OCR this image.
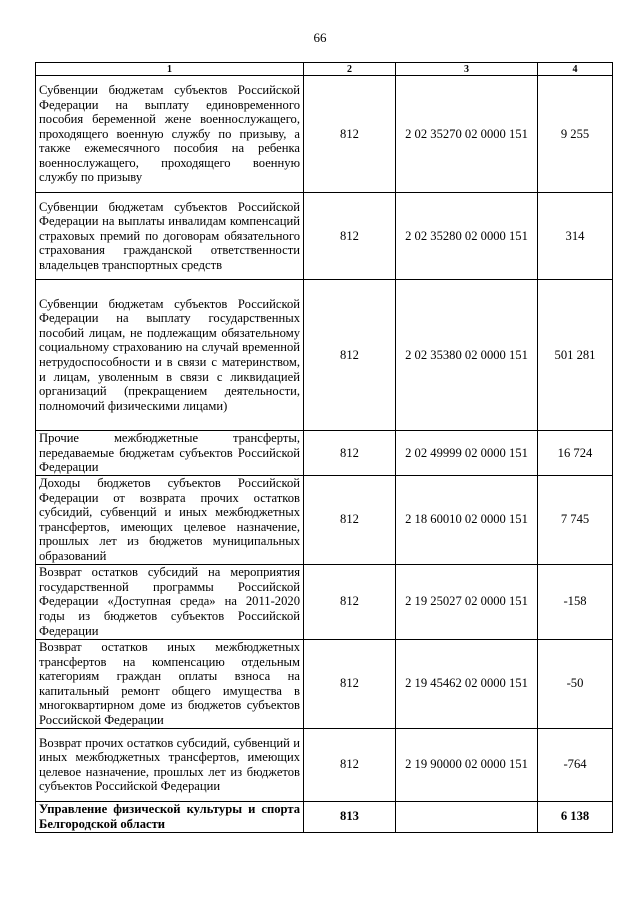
66
1	2	3	4
Субвенции бюджетам субъектов Российской Федерации на выплату единовременного пособия беременной жене военнослужащего, проходящего военную службу по призыву, а также ежемесячного пособия на ребенка военнослужащего, проходящего военную службу по призыву	812	2 02 35270 02 0000 151	9 255
Субвенции бюджетам субъектов Российской Федерации на выплаты инвалидам компенсаций страховых премий по договорам обязательного страхования гражданской ответственности владельцев транспортных средств	812	2 02 35280 02 0000 151	314
Субвенции бюджетам субъектов Российской Федерации на выплату государственных пособий лицам, не подлежащим обязательному социальному страхованию на случай временной нетрудоспособности и в связи с материнством, и лицам, уволенным в связи с ликвидацией организаций (прекращением деятельности, полномочий физическими лицами)	812	2 02 35380 02 0000 151	501 281
Прочие межбюджетные трансферты, передаваемые бюджетам субъектов Российской Федерации	812	2 02 49999 02 0000 151	16 724
Доходы бюджетов субъектов Российской Федерации от возврата прочих остатков субсидий, субвенций и иных межбюджетных трансфертов, имеющих целевое назначение, прошлых лет из бюджетов муниципальных образований	812	2 18 60010 02 0000 151	7 745
Возврат остатков субсидий на мероприятия государственной программы Российской Федерации «Доступная среда» на 2011-2020 годы из бюджетов субъектов Российской Федерации	812	2 19 25027 02 0000 151	-158
Возврат остатков иных межбюджетных трансфертов на компенсацию отдельным категориям граждан оплаты взноса на капитальный ремонт общего имущества в многоквартирном доме из бюджетов субъектов Российской Федерации	812	2 19 45462 02 0000 151	-50
Возврат прочих остатков субсидий, субвенций и иных межбюджетных трансфертов, имеющих целевое назначение, прошлых лет из бюджетов субъектов Российской Федерации	812	2 19 90000 02 0000 151	-764
Управление физической культуры и спорта Белгородской области	813		6 138
